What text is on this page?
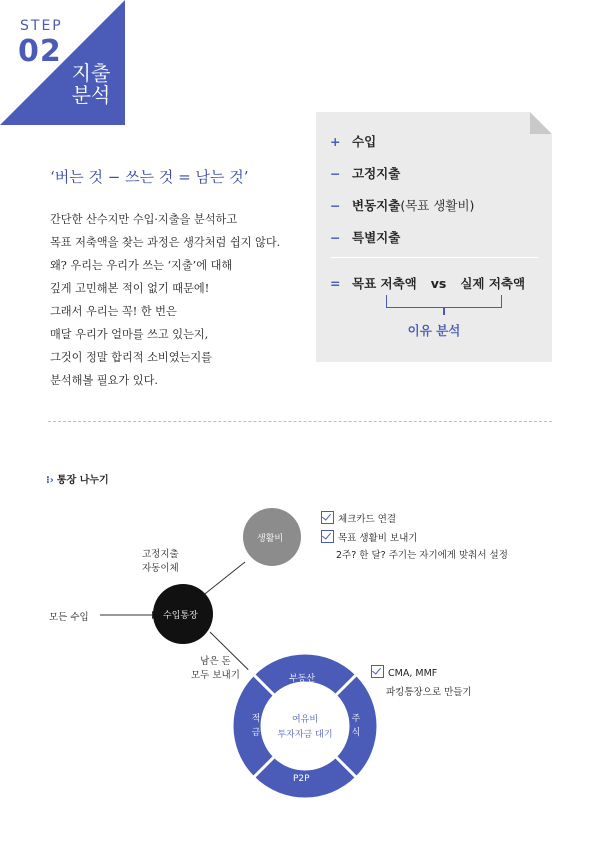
STEP
02
지출
분석
‘버는 것 − 쓰는 것 = 남는 것’
간단한 산수지만 수입·지출을 분석하고
목표 저축액을 찾는 과정은 생각처럼 쉽지 않다.
왜? 우리는 우리가 쓰는 ‘지출’에 대해
깊게 고민해본 적이 없기 때문에!
그래서 우리는 꼭! 한 번은
매달 우리가 얼마를 쓰고 있는지,
그것이 정말 합리적 소비였는지를
분석해볼 필요가 있다.
+ 수입
− 고정지출
− 변동지출(목표 생활비)
− 특별지출
= 목표 저축액 vs 실제 저축액
이유 분석
⁝› 통장 나누기
모든 수입	수입통장
생활비
고정지출
자동이체
남은 돈
모두 보내기	부동산
적금
주식
P2P
여유비
투자자금 대기
체크카드 연결
목표 생활비 보내기
2주? 한 달? 주기는 자기에게 맞춰서 설정
CMA, MMF
파킹통장으로 만들기
